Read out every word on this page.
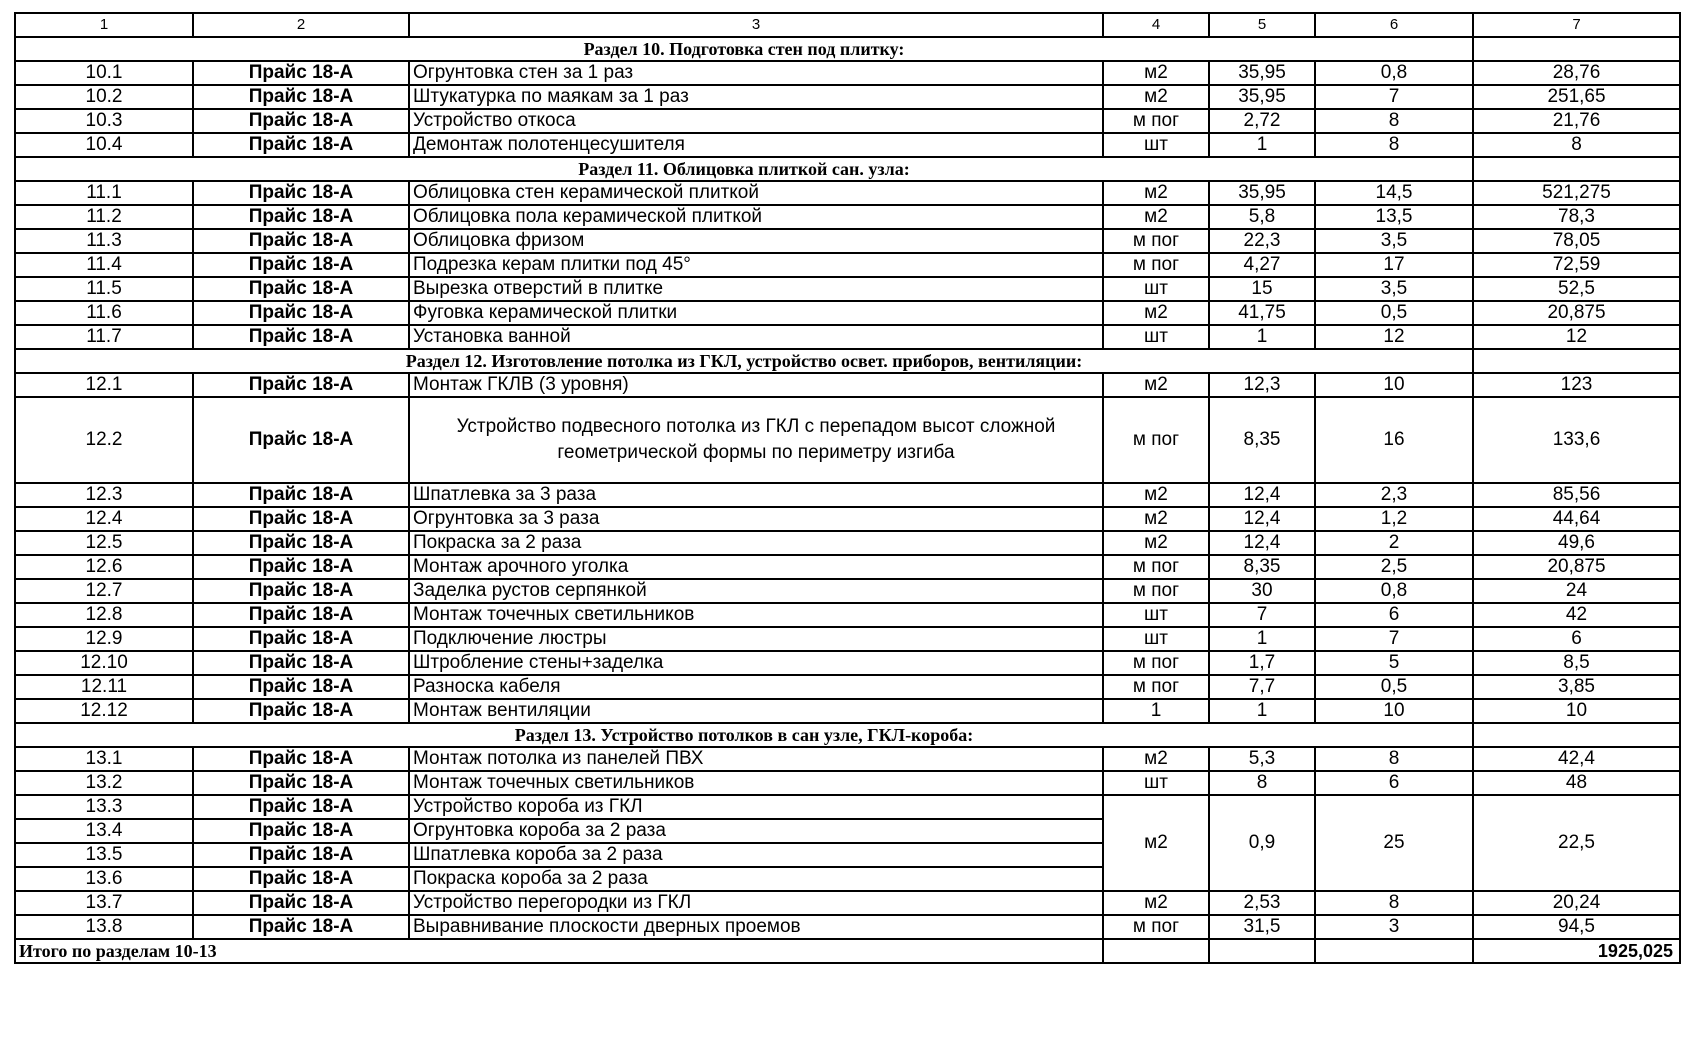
1	2	3	4	5	6	7
Раздел 10. Подготовка стен под плитку:						
10.1	Прайс 18-А	Огрунтовка стен за 1 раз	м2	35,95	0,8	28,76
10.2	Прайс 18-А	Штукатурка по маякам за 1 раз	м2	35,95	7	251,65
10.3	Прайс 18-А	Устройство откоса	м пог	2,72	8	21,76
10.4	Прайс 18-А	Демонтаж полотенцесушителя	шт	1	8	8
Раздел 11. Облицовка плиткой сан. узла:						
11.1	Прайс 18-А	Облицовка стен керамической плиткой	м2	35,95	14,5	521,275
11.2	Прайс 18-А	Облицовка пола керамической плиткой	м2	5,8	13,5	78,3
11.3	Прайс 18-А	Облицовка фризом	м пог	22,3	3,5	78,05
11.4	Прайс 18-А	Подрезка керам плитки под 45°	м пог	4,27	17	72,59
11.5	Прайс 18-А	Вырезка отверстий в плитке	шт	15	3,5	52,5
11.6	Прайс 18-А	Фуговка керамической плитки	м2	41,75	0,5	20,875
11.7	Прайс 18-А	Установка ванной	шт	1	12	12
Раздел 12. Изготовление потолка из ГКЛ, устройство освет. приборов, вентиляции:						
12.1	Прайс 18-А	Монтаж ГКЛВ (3 уровня)	м2	12,3	10	123
12.2	Прайс 18-А	Устройство подвесного потолка из ГКЛ с перепадом высот сложной геометрической формы по периметру изгиба	м пог	8,35	16	133,6
12.3	Прайс 18-А	Шпатлевка за 3 раза	м2	12,4	2,3	85,56
12.4	Прайс 18-А	Огрунтовка за 3 раза	м2	12,4	1,2	44,64
12.5	Прайс 18-А	Покраска за 2 раза	м2	12,4	2	49,6
12.6	Прайс 18-А	Монтаж арочного уголка	м пог	8,35	2,5	20,875
12.7	Прайс 18-А	Заделка рустов серпянкой	м пог	30	0,8	24
12.8	Прайс 18-А	Монтаж точечных светильников	шт	7	6	42
12.9	Прайс 18-А	Подключение люстры	шт	1	7	6
12.10	Прайс 18-А	Штробление стены+заделка	м пог	1,7	5	8,5
12.11	Прайс 18-А	Разноска кабеля	м пог	7,7	0,5	3,85
12.12	Прайс 18-А	Монтаж вентиляции	1	1	10	10
Раздел 13. Устройство потолков в сан узле, ГКЛ-короба:						
13.1	Прайс 18-А	Монтаж потолка из панелей ПВХ	м2	5,3	8	42,4
13.2	Прайс 18-А	Монтаж точечных светильников	шт	8	6	48
13.3	Прайс 18-А	Устройство короба из ГКЛ	м2	0,9	25	22,5
13.4	Прайс 18-А	Огрунтовка короба за 2 раза				
13.5	Прайс 18-А	Шпатлевка короба за 2 раза				
13.6	Прайс 18-А	Покраска короба за 2 раза				
13.7	Прайс 18-А	Устройство перегородки из ГКЛ	м2	2,53	8	20,24
13.8	Прайс 18-А	Выравнивание плоскости дверных проемов	м пог	31,5	3	94,5
Итого по разделам 10-13						1925,025
